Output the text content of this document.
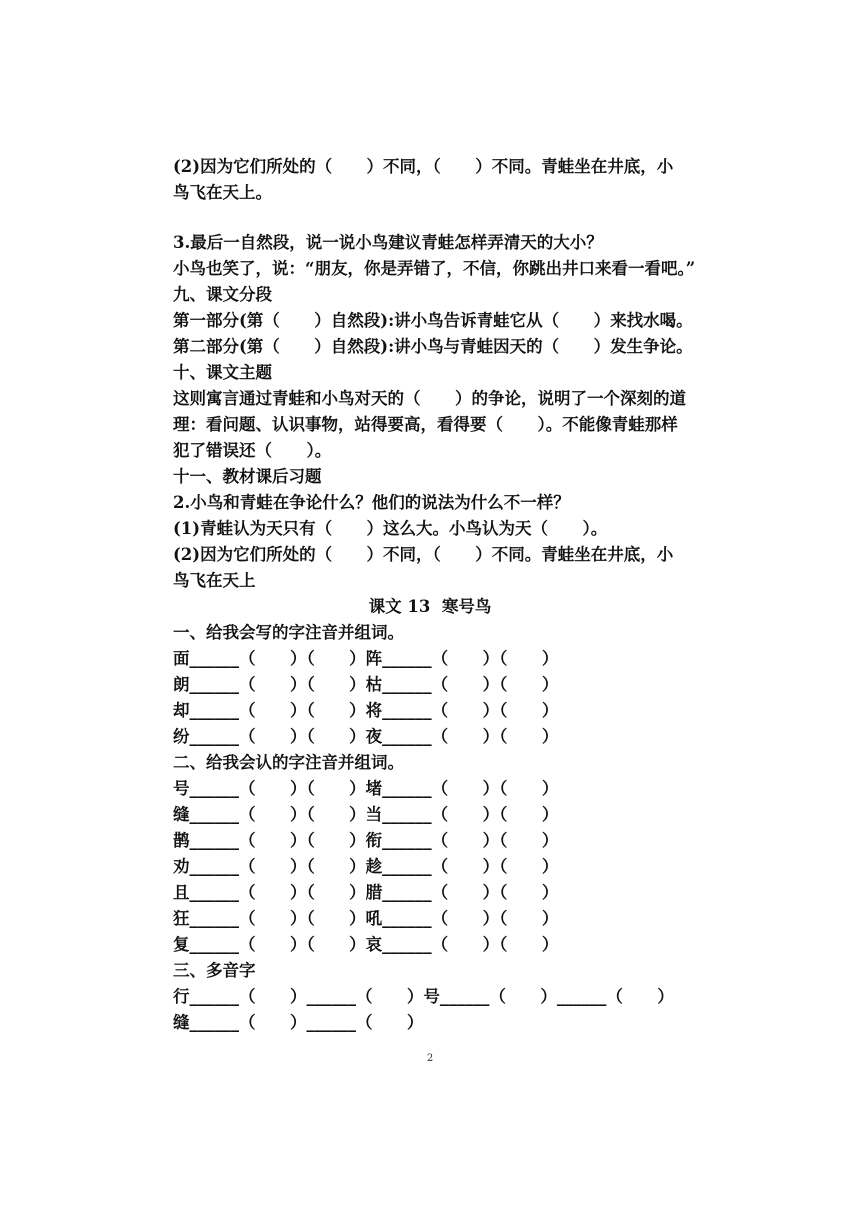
(2)因为它们所处的（      ）不同，（      ）不同。青蛙坐在井底，小
鸟飞在天上。
3.最后一自然段，说一说小鸟建议青蛙怎样弄清天的大小？
小鸟也笑了，说：“朋友，你是弄错了，不信，你跳出井口来看一看吧。”
九、课文分段
第一部分(第（      ）自然段):讲小鸟告诉青蛙它从（      ）来找水喝。
第二部分(第（      ）自然段):讲小鸟与青蛙因天的（      ）发生争论。
十、课文主题
这则寓言通过青蛙和小鸟对天的（      ）的争论，说明了一个深刻的道
理：看问题、认识事物，站得要高，看得要（      ）。不能像青蛙那样
犯了错误还（      ）。
十一、教材课后习题
2.小鸟和青蛙在争论什么？他们的说法为什么不一样？
(1)青蛙认为天只有（      ）这么大。小鸟认为天（      ）。
(2)因为它们所处的（      ）不同，（      ）不同。青蛙坐在井底，小
鸟飞在天上
课文 13  寒号鸟
一、给我会写的字注音并组词。
面______（      ）（      ）阵______（      ）（      ）
朗______（      ）（      ）枯______（      ）（      ）
却______（      ）（      ）将______（      ）（      ）
纷______（      ）（      ）夜______（      ）（      ）
二、给我会认的字注音并组词。
号______（      ）（      ）堵______（      ）（      ）
缝______（      ）（      ）当______（      ）（      ）
鹊______（      ）（      ）衔______（      ）（      ）
劝______（      ）（      ）趁______（      ）（      ）
且______（      ）（      ）腊______（      ）（      ）
狂______（      ）（      ）吼______（      ）（      ）
复______（      ）（      ）哀______（      ）（      ）
三、多音字
行______（      ）______（      ）号______（      ）______（      ）
缝______（      ）______（      ）
2
